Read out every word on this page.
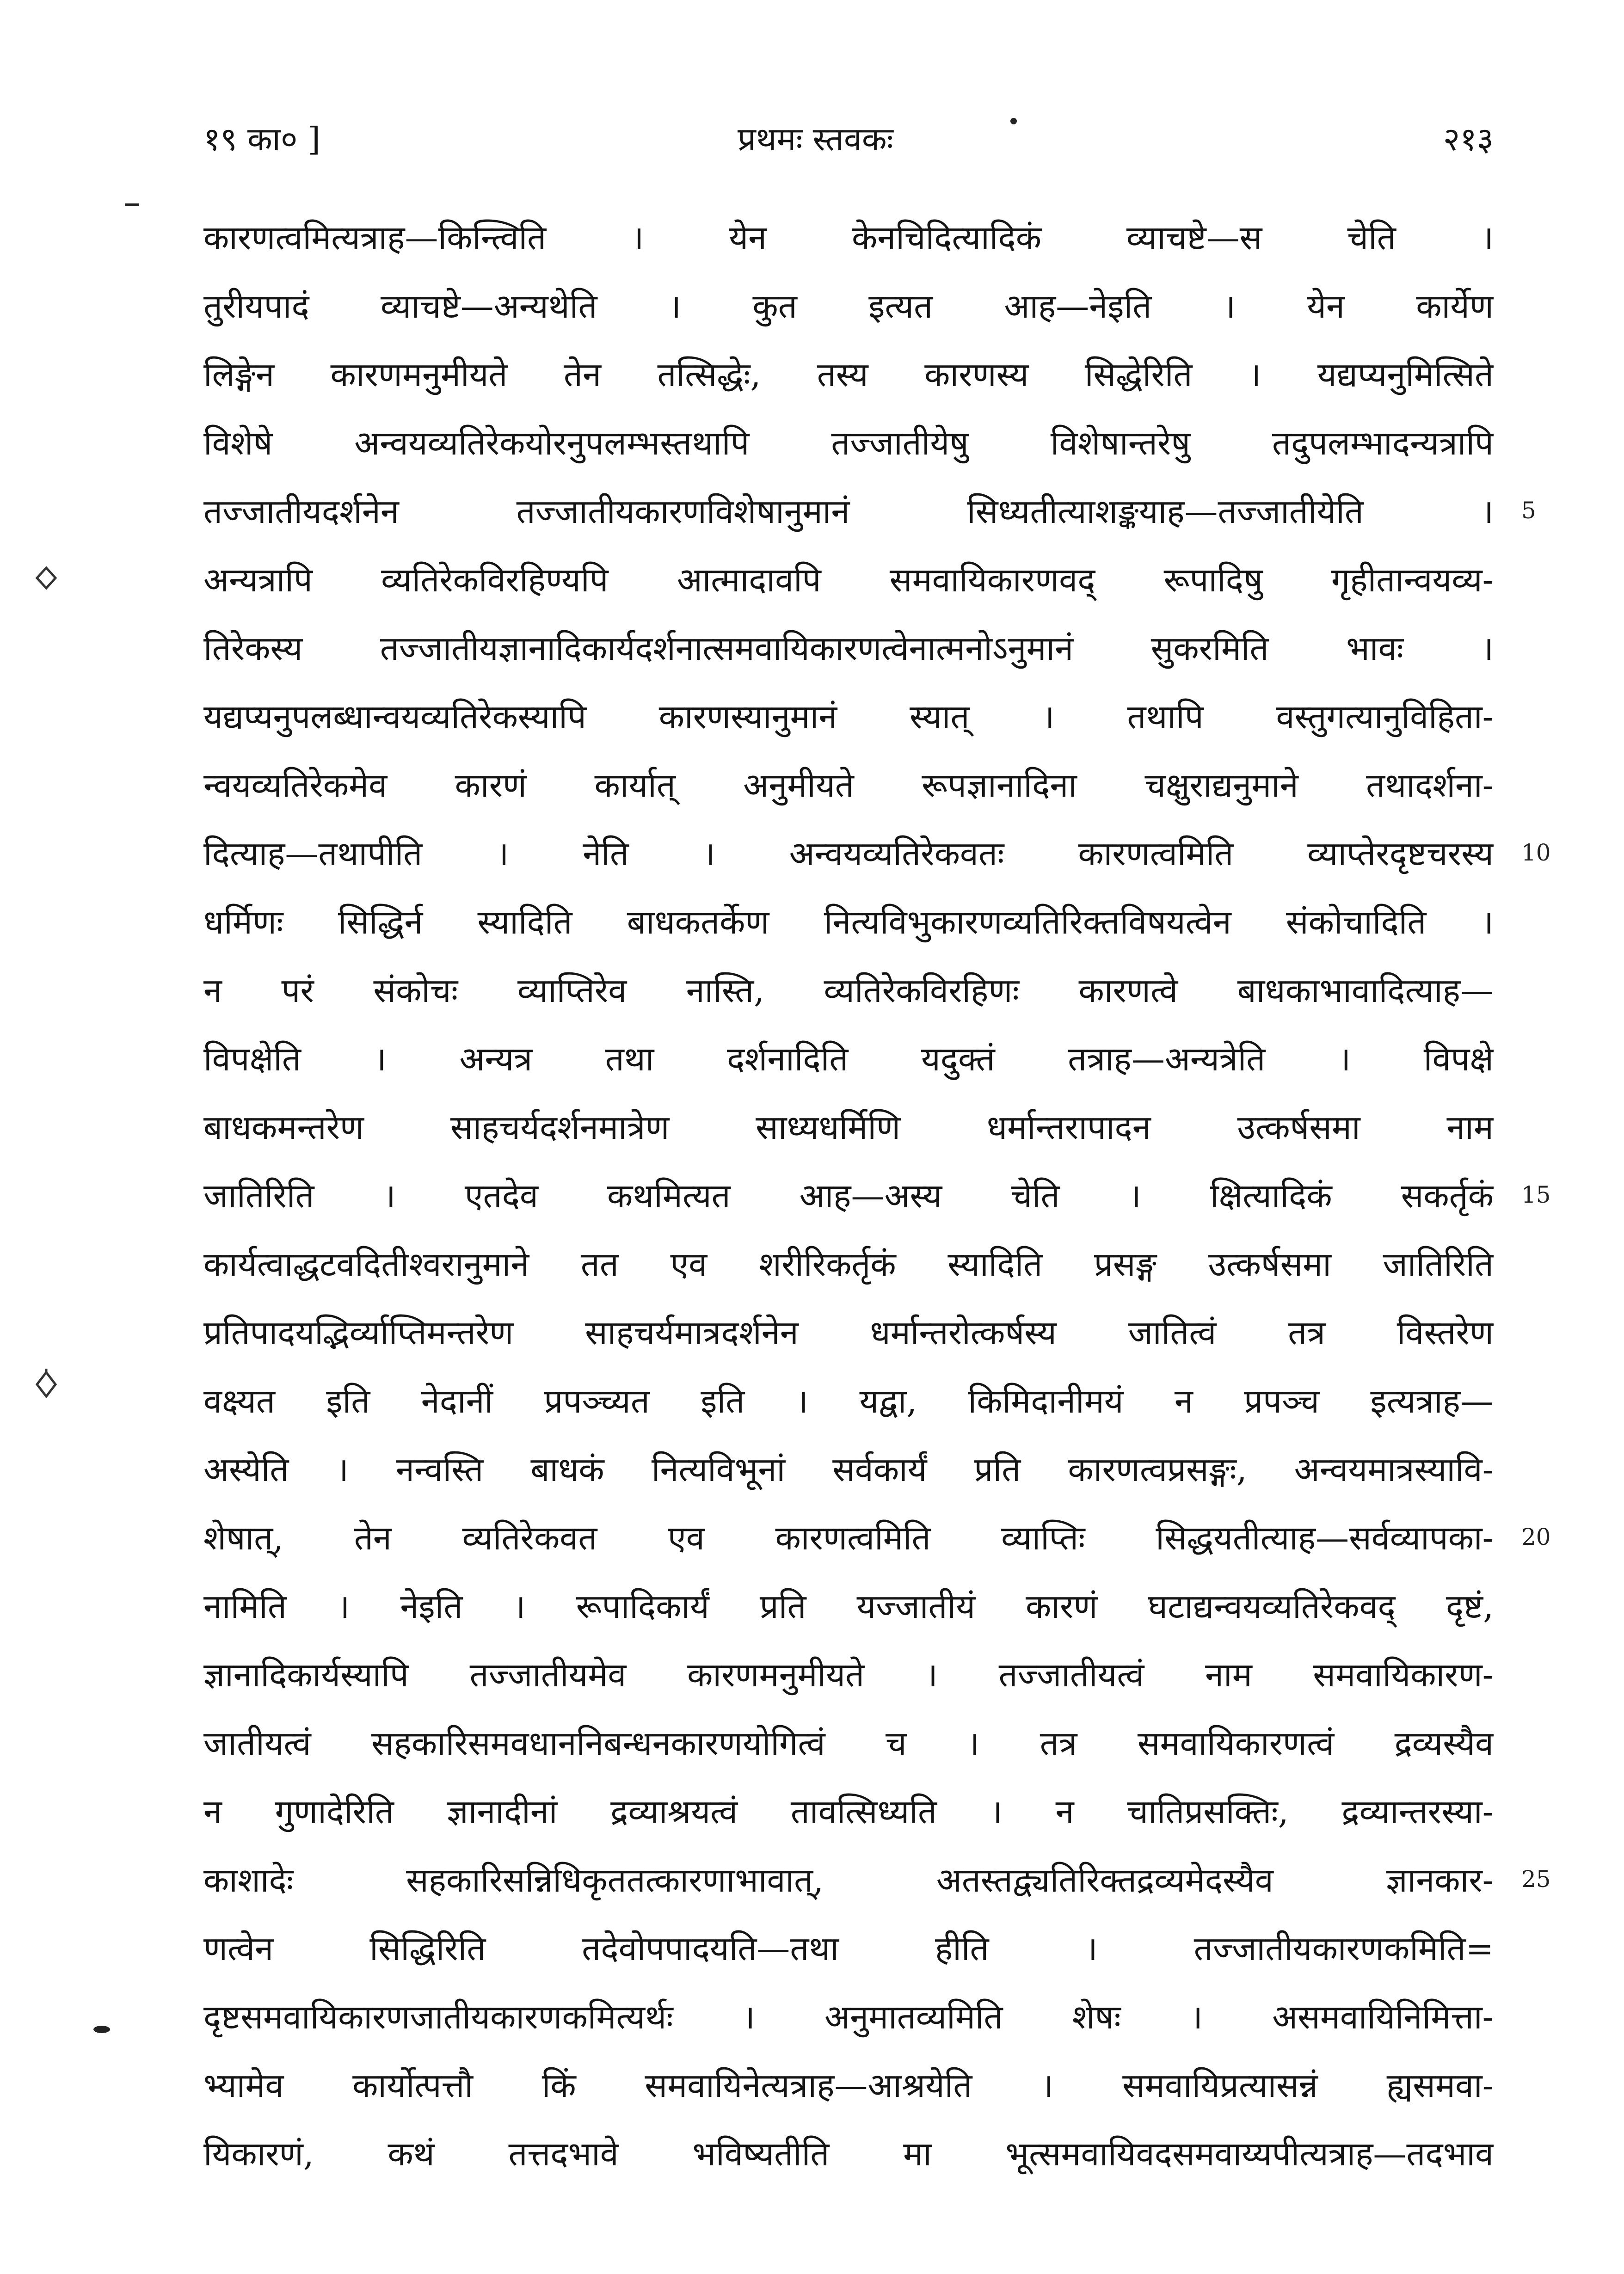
१९ का० ]	प्रथमः स्तवकः	२१३
कारणत्वमित्यत्राह—किन्त्विति । येन केनचिदित्यादिकं व्याचष्टे—स चेति ।
तुरीयपादं व्याचष्टे—अन्यथेति । कुत इत्यत आह—नेइति । येन कार्येण
लिङ्गेन कारणमनुमीयते तेन तत्सिद्धेः, तस्य कारणस्य सिद्धेरिति । यद्यप्यनुमित्सिते
विशेषे अन्वयव्यतिरेकयोरनुपलम्भस्तथापि तज्जातीयेषु विशेषान्तरेषु तदुपलम्भादन्यत्रापि
तज्जातीयदर्शनेन तज्जातीयकारणविशेषानुमानं सिध्यतीत्याशङ्कयाह—तज्जातीयेति ।
अन्यत्रापि व्यतिरेकविरहिण्यपि आत्मादावपि समवायिकारणवद् रूपादिषु गृहीतान्वयव्य-
तिरेकस्य तज्जातीयज्ञानादिकार्यदर्शनात्समवायिकारणत्वेनात्मनोऽनुमानं सुकरमिति भावः ।
यद्यप्यनुपलब्धान्वयव्यतिरेकस्यापि कारणस्यानुमानं स्यात् । तथापि वस्तुगत्यानुविहिता-
न्वयव्यतिरेकमेव कारणं कार्यात् अनुमीयते रूपज्ञानादिना चक्षुराद्यनुमाने तथादर्शना-
दित्याह—तथापीति । नेति । अन्वयव्यतिरेकवतः कारणत्वमिति व्याप्तेरदृष्टचरस्य
धर्मिणः सिद्धिर्न स्यादिति बाधकतर्केण नित्यविभुकारणव्यतिरिक्तविषयत्वेन संकोचादिति ।
न परं संकोचः व्याप्तिरेव नास्ति, व्यतिरेकविरहिणः कारणत्वे बाधकाभावादित्याह—
विपक्षेति । अन्यत्र तथा दर्शनादिति यदुक्तं तत्राह—अन्यत्रेति । विपक्षे
बाधकमन्तरेण साहचर्यदर्शनमात्रेण साध्यधर्मिणि धर्मान्तरापादन उत्कर्षसमा नाम
जातिरिति । एतदेव कथमित्यत आह—अस्य चेति । क्षित्यादिकं सकर्तृकं
कार्यत्वाद्धटवदितीश्वरानुमाने तत एव शरीरिकर्तृकं स्यादिति प्रसङ्ग उत्कर्षसमा जातिरिति
प्रतिपादयद्भिर्व्याप्तिमन्तरेण साहचर्यमात्रदर्शनेन धर्मान्तरोत्कर्षस्य जातित्वं तत्र विस्तरेण
वक्ष्यत इति नेदानीं प्रपञ्च्यत इति । यद्वा, किमिदानीमयं न प्रपञ्च इत्यत्राह—
अस्येति । नन्वस्ति बाधकं नित्यविभूनां सर्वकार्यं प्रति कारणत्वप्रसङ्गः, अन्वयमात्रस्यावि-
शेषात्, तेन व्यतिरेकवत एव कारणत्वमिति व्याप्तिः सिद्धयतीत्याह—सर्वव्यापका-
नामिति । नेइति । रूपादिकार्यं प्रति यज्जातीयं कारणं घटाद्यन्वयव्यतिरेकवद् दृष्टं,
ज्ञानादिकार्यस्यापि तज्जातीयमेव कारणमनुमीयते । तज्जातीयत्वं नाम समवायिकारण-
जातीयत्वं सहकारिसमवधाननिबन्धनकारणयोगित्वं च । तत्र समवायिकारणत्वं द्रव्यस्यैव
न गुणादेरिति ज्ञानादीनां द्रव्याश्रयत्वं तावत्सिध्यति । न चातिप्रसक्तिः, द्रव्यान्तरस्या-
काशादेः सहकारिसन्निधिकृततत्कारणाभावात्, अतस्तद्व्यतिरिक्तद्रव्यमेदस्यैव ज्ञानकार-
णत्वेन सिद्धिरिति तदेवोपपादयति—तथा हीति । तज्जातीयकारणकमिति=
दृष्टसमवायिकारणजातीयकारणकमित्यर्थः । अनुमातव्यमिति शेषः । असमवायिनिमित्ता-
भ्यामेव कार्योत्पत्तौ किं समवायिनेत्यत्राह—आश्रयेति । समवायिप्रत्यासन्नं ह्यसमवा-
यिकारणं, कथं तत्तदभावे भविष्यतीति मा भूत्समवायिवदसमवाय्यपीत्यत्राह—तदभाव
5
10
15
20
25
